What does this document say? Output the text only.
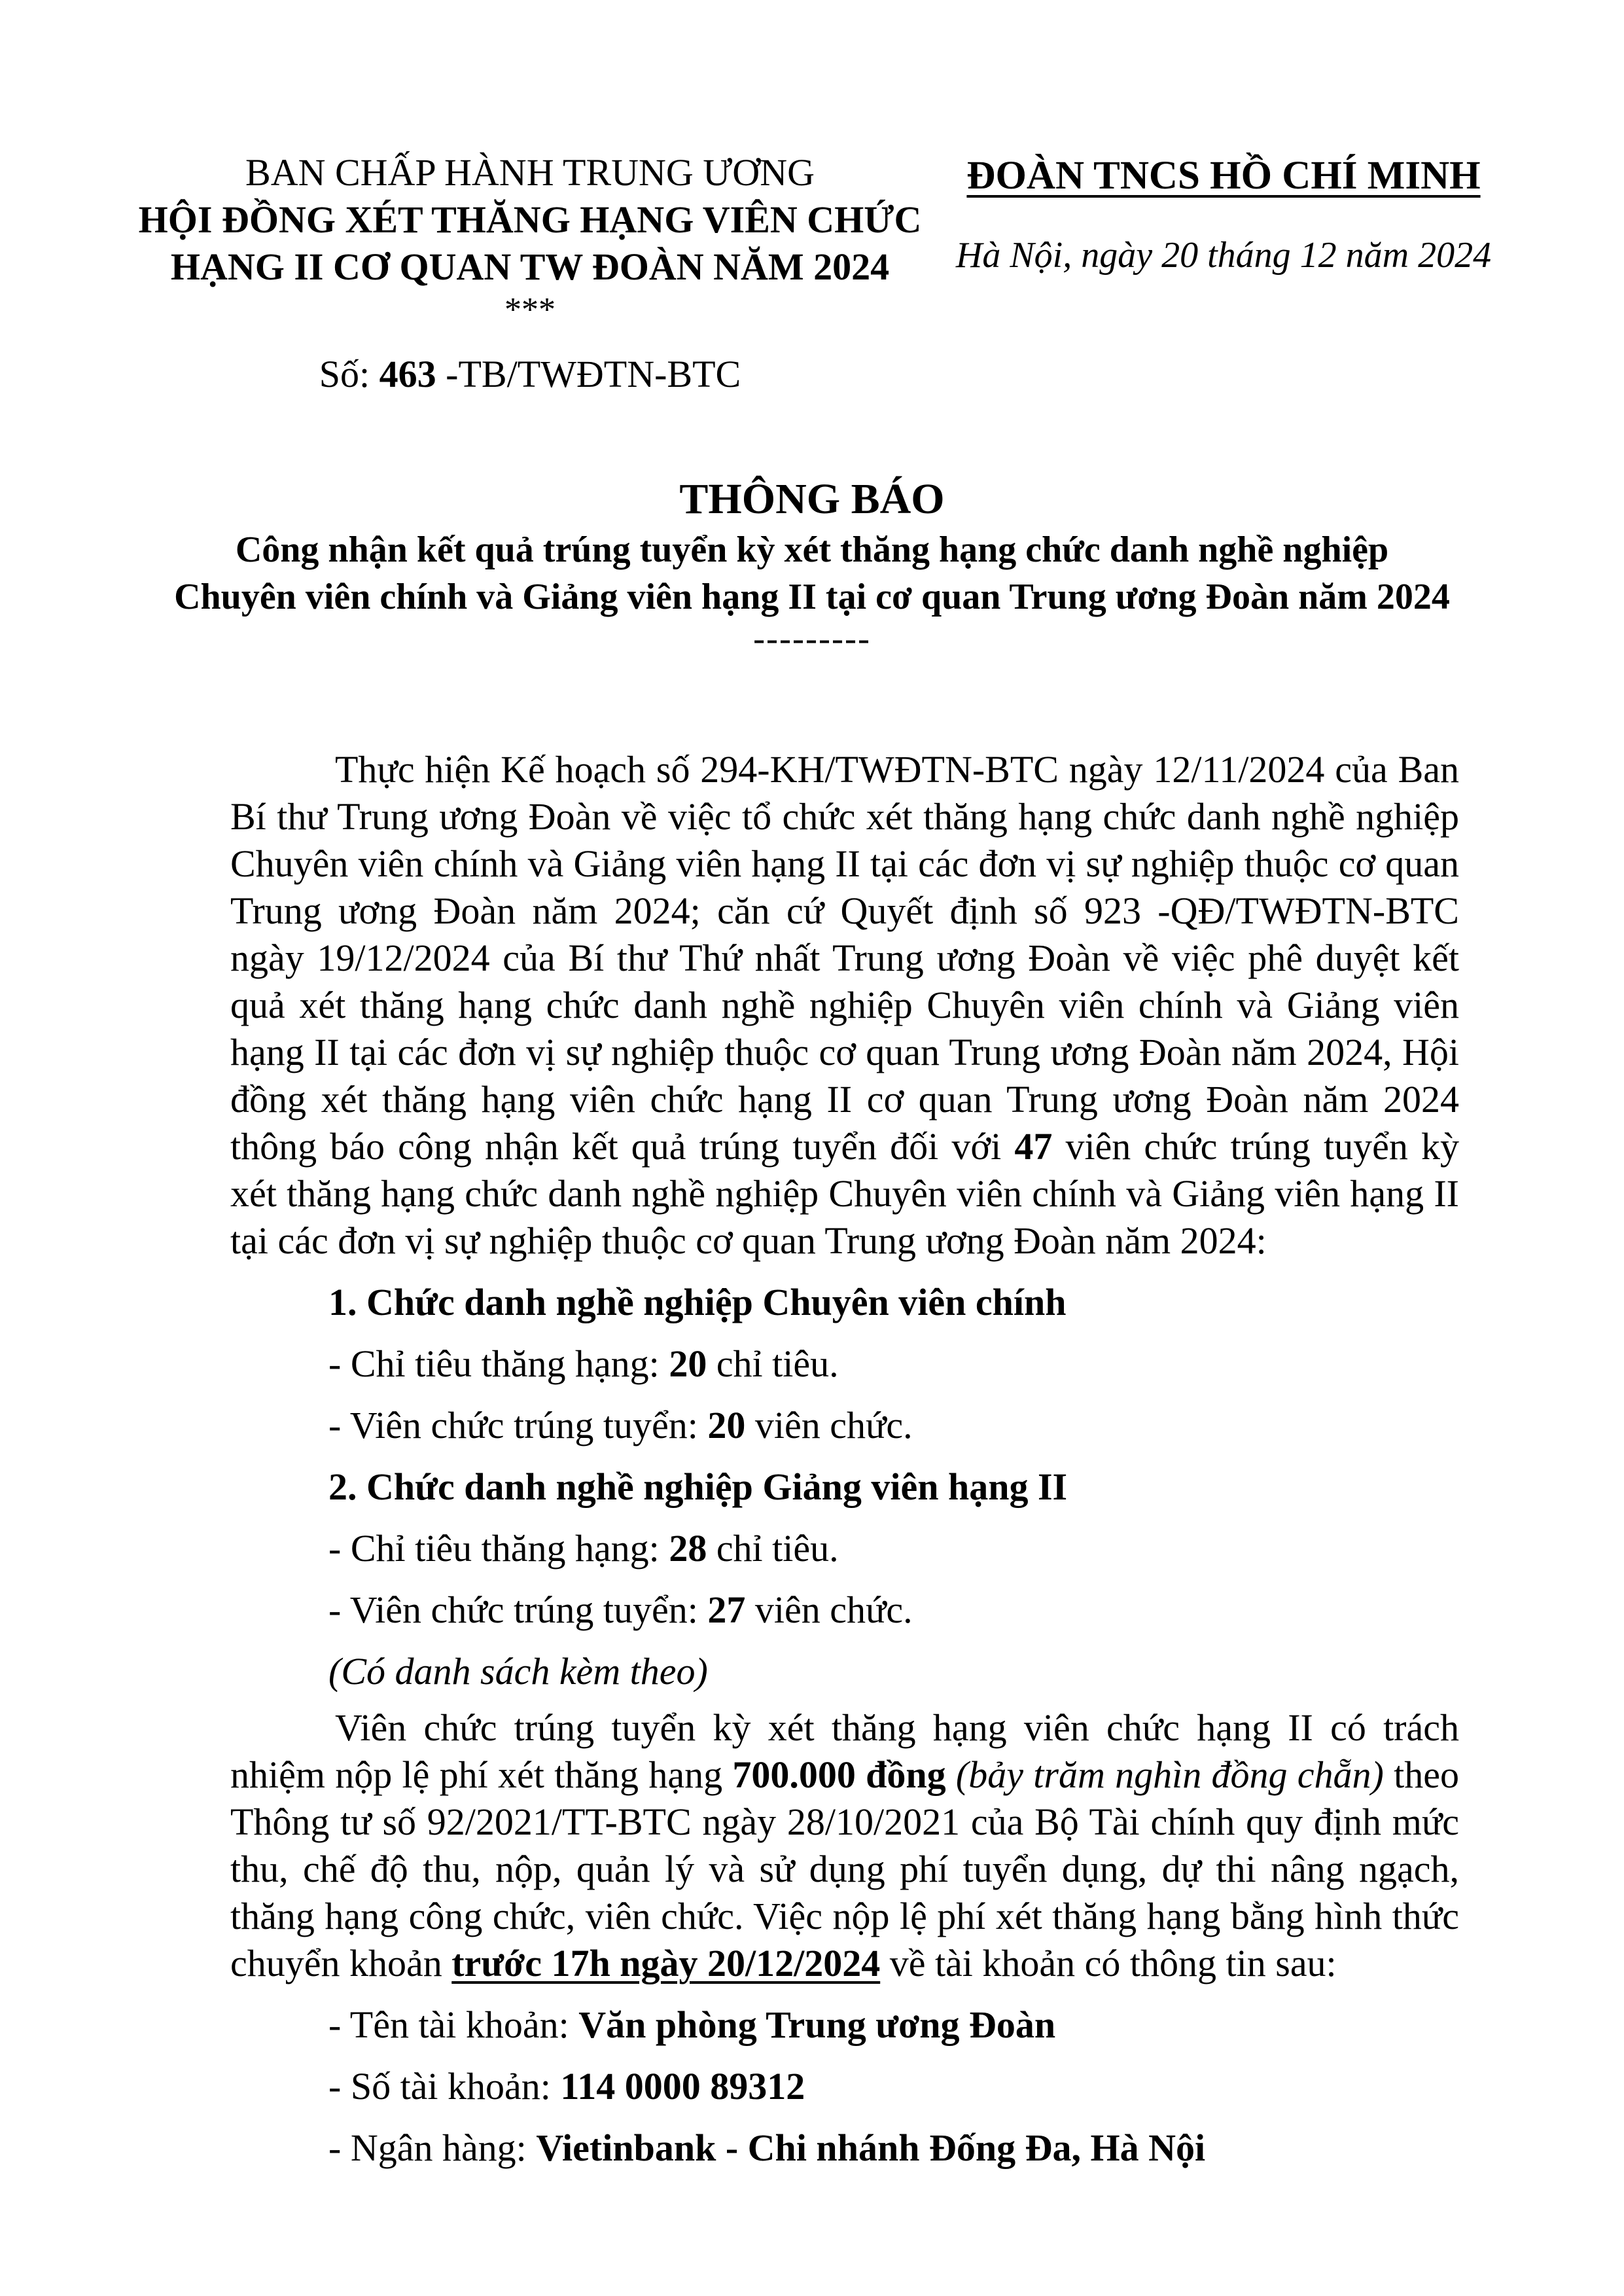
BAN CHẤP HÀNH TRUNG ƯƠNG
HỘI ĐỒNG XÉT THĂNG HẠNG VIÊN CHỨC
HẠNG II CƠ QUAN TW ĐOÀN NĂM 2024
***
Số: 463 -TB/TWĐTN-BTC
ĐOÀN TNCS HỒ CHÍ MINH
Hà Nội, ngày 20 tháng 12 năm 2024
THÔNG BÁO
Công nhận kết quả trúng tuyển kỳ xét thăng hạng chức danh nghề nghiệp
Chuyên viên chính và Giảng viên hạng II tại cơ quan Trung ương Đoàn năm 2024
---------

Thực hiện Kế hoạch số 294-KH/TWĐTN-BTC ngày 12/11/2024 của Ban Bí thư Trung ương Đoàn về việc tổ chức xét thăng hạng chức danh nghề nghiệp Chuyên viên chính và Giảng viên hạng II tại các đơn vị sự nghiệp thuộc cơ quan Trung ương Đoàn năm 2024; căn cứ Quyết định số 923 -QĐ/TWĐTN-BTC ngày 19/12/2024 của Bí thư Thứ nhất Trung ương Đoàn về việc phê duyệt kết quả xét thăng hạng chức danh nghề nghiệp Chuyên viên chính và Giảng viên hạng II tại các đơn vị sự nghiệp thuộc cơ quan Trung ương Đoàn năm 2024, Hội đồng xét thăng hạng viên chức hạng II cơ quan Trung ương Đoàn năm 2024 thông báo công nhận kết quả trúng tuyển đối với 47 viên chức trúng tuyển kỳ xét thăng hạng chức danh nghề nghiệp Chuyên viên chính và Giảng viên hạng II tại các đơn vị sự nghiệp thuộc cơ quan Trung ương Đoàn năm 2024:

1. Chức danh nghề nghiệp Chuyên viên chính

- Chỉ tiêu thăng hạng: 20 chỉ tiêu.

- Viên chức trúng tuyển: 20 viên chức.

2. Chức danh nghề nghiệp Giảng viên hạng II

- Chỉ tiêu thăng hạng: 28 chỉ tiêu.

- Viên chức trúng tuyển: 27 viên chức.

(Có danh sách kèm theo)

Viên chức trúng tuyển kỳ xét thăng hạng viên chức hạng II có trách nhiệm nộp lệ phí xét thăng hạng 700.000 đồng (bảy trăm nghìn đồng chẵn) theo Thông tư số 92/2021/TT-BTC ngày 28/10/2021 của Bộ Tài chính quy định mức thu, chế độ thu, nộp, quản lý và sử dụng phí tuyển dụng, dự thi nâng ngạch, thăng hạng công chức, viên chức. Việc nộp lệ phí xét thăng hạng bằng hình thức chuyển khoản trước 17h ngày 20/12/2024 về tài khoản có thông tin sau:

- Tên tài khoản: Văn phòng Trung ương Đoàn

- Số tài khoản: 114 0000 89312

- Ngân hàng: Vietinbank - Chi nhánh Đống Đa, Hà Nội
